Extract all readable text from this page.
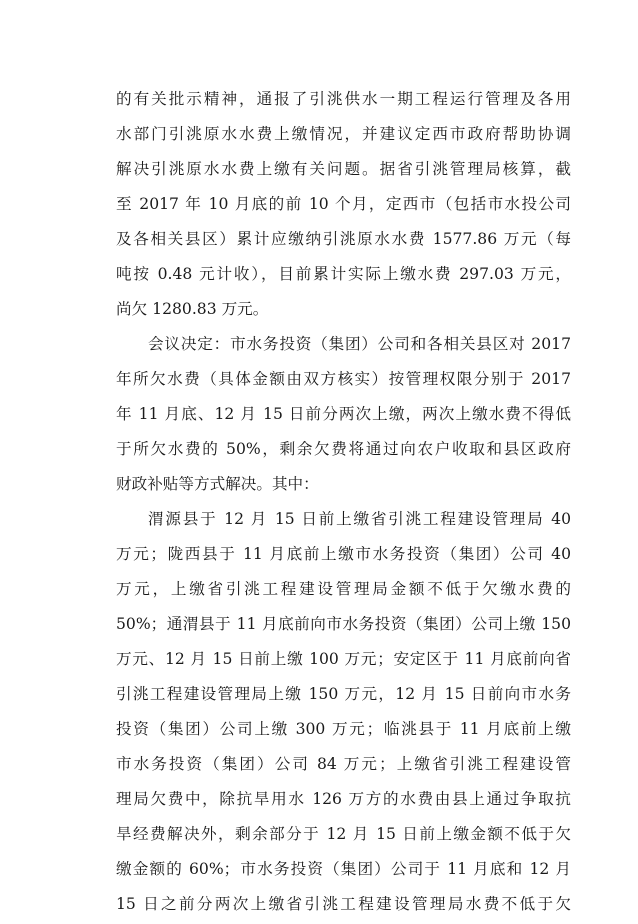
的有关批示精神，通报了引洮供水一期工程运行管理及各用
水部门引洮原水水费上缴情况，并建议定西市政府帮助协调
解决引洮原水水费上缴有关问题。据省引洮管理局核算，截
至 2017 年 10 月底的前 10 个月，定西市（包括市水投公司
及各相关县区）累计应缴纳引洮原水水费 1577.86 万元（每
吨按 0.48 元计收），目前累计实际上缴水费 297.03 万元，
尚欠 1280.83 万元。
会议决定：市水务投资（集团）公司和各相关县区对 2017
年所欠水费（具体金额由双方核实）按管理权限分别于 2017
年 11 月底、12 月 15 日前分两次上缴，两次上缴水费不得低
于所欠水费的 50%，剩余欠费将通过向农户收取和县区政府
财政补贴等方式解决。其中：
渭源县于 12 月 15 日前上缴省引洮工程建设管理局 40
万元；陇西县于 11 月底前上缴市水务投资（集团）公司 40
万元，上缴省引洮工程建设管理局金额不低于欠缴水费的
50%；通渭县于 11 月底前向市水务投资（集团）公司上缴 150
万元、12 月 15 日前上缴 100 万元；安定区于 11 月底前向省
引洮工程建设管理局上缴 150 万元，12 月 15 日前向市水务
投资（集团）公司上缴 300 万元；临洮县于 11 月底前上缴
市水务投资（集团）公司 84 万元；上缴省引洮工程建设管
理局欠费中，除抗旱用水 126 万方的水费由县上通过争取抗
旱经费解决外，剩余部分于 12 月 15 日前上缴金额不低于欠
缴金额的 60%；市水务投资（集团）公司于 11 月底和 12 月
15 日之前分两次上缴省引洮工程建设管理局水费不低于欠
